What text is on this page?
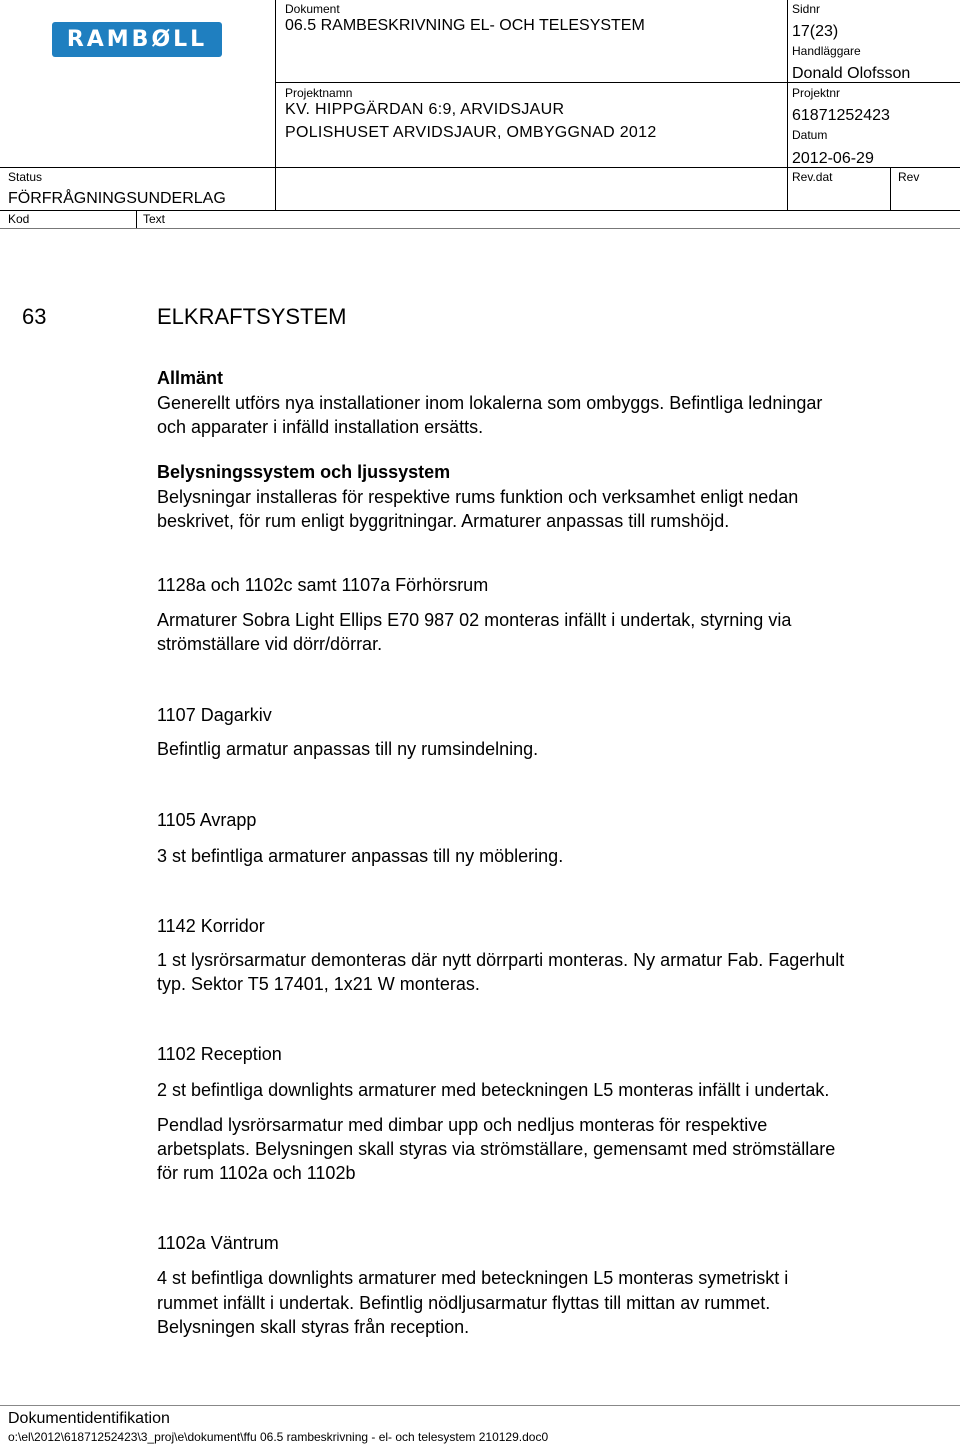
RAMBØLL
Dokument
06.5 RAMBESKRIVNING EL- OCH TELESYSTEM
Projektnamn
KV. HIPPGÄRDAN 6:9, ARVIDSJAUR
POLISHUSET ARVIDSJAUR, OMBYGGNAD 2012
Sidnr
17(23)
Handläggare
Donald Olofsson
Projektnr
61871252423
Datum
2012-06-29
Status
FÖRFRÅGNINGSUNDERLAG
Rev.dat	Rev
Kod	Text
63	ELKRAFTSYSTEM
Allmänt
Generellt utförs nya installationer inom lokalerna som ombyggs. Befintliga ledningar
och apparater i infälld installation ersätts.
Belysningssystem och ljussystem
Belysningar installeras för respektive rums funktion och verksamhet enligt nedan
beskrivet, för rum enligt byggritningar. Armaturer anpassas till rumshöjd.
1128a och 1102c samt 1107a Förhörsrum
Armaturer Sobra Light Ellips E70 987 02 monteras infällt i undertak, styrning via
strömställare vid dörr/dörrar.
1107 Dagarkiv
Befintlig armatur anpassas till ny rumsindelning.
1105 Avrapp
3 st befintliga armaturer anpassas till ny möblering.
1142 Korridor
1 st lysrörsarmatur demonteras där nytt dörrparti monteras. Ny armatur Fab. Fagerhult
typ. Sektor T5 17401, 1x21 W monteras.
1102 Reception
2 st befintliga downlights armaturer med beteckningen L5 monteras infällt i undertak.
Pendlad lysrörsarmatur med dimbar upp och nedljus monteras för respektive
arbetsplats. Belysningen skall styras via strömställare, gemensamt med strömställare
för rum 1102a och 1102b
1102a Väntrum
4 st befintliga downlights armaturer med beteckningen L5 monteras symetriskt i
rummet infällt i undertak. Befintlig nödljusarmatur flyttas till mittan av rummet.
Belysningen skall styras från reception.
Dokumentidentifikation
o:\el\2012\61871252423\3_proj\e\dokument\ffu 06.5 rambeskrivning - el- och telesystem 210129.doc0
